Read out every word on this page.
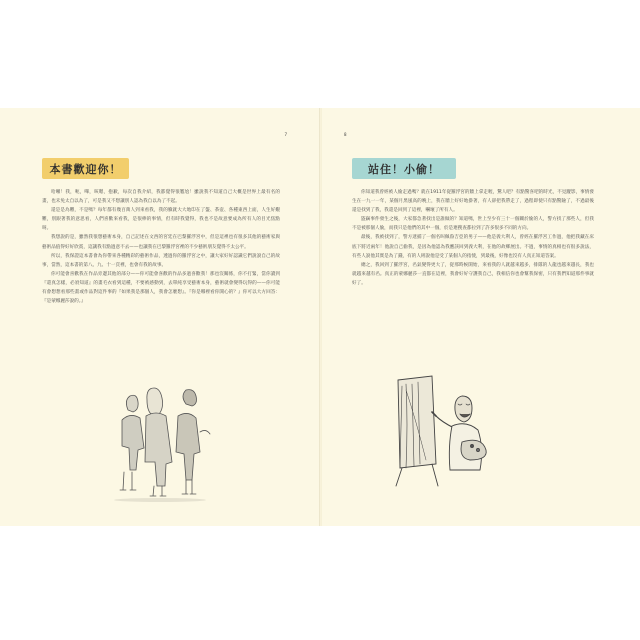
7
本書歡迎你！

哈囉！我，呃，嗶，咳嗯，抱歉，每次自我介紹，我都覺得很尷尬！雖說我不知道自己大概是世界上最有名的畫，也未免太自以為了，可是我又不想讓別人認為我自以為了不起。

還是是為難，不是嗎？每年都有幾百萬人到來看我，我的臉就大大地印在了盤、茶壺、各種東西上面，人生好艱難，別跟著我的意思看，人們喜歡來看我，是很棒的事情，但有時我覺得，我也不是故意要成為所有人的目光焦點呀。

我想說的是，雖然我很想藝術本身，自己記述在文西的宮廷在巴黎羅浮宮中，但是這裡也有很多其他的藝術家與藝術品值得好好欣賞，這讓我有點過意不去——也讓我在巴黎羅浮宮裡的不少藝術朋友覺得不太公平。

所以，我保證這本書會為你帶來各種精彩的藝術作品，透過你的羅浮宮之中，讓大家好好認識它們說說自己的故事，當然，這本書的第八、九、十一頁裡，也會有我的故事。

你可能會喜歡我在作品旁邊其他的部分——你可能會喜歡的作品多過喜歡我！那也沒關係，你不打緊，當你讀到『還真怎樣，必須知道』的畫毛衣看到這種，不要被感動到，去單純享受藝術本身，藝術就會變得玩得的——你可能有會想想看那些畫或作品對這件事的『如果我是那個人，我會怎麼想』。『你是哪裡看你開心的？』你可以大方回答：『是蒙娜麗莎說的。』

8
站住！小偷！

你知道我曾經被人偷走過嗎？就在1911年從羅浮宮的牆上拿走喔，驚人吧？有點驚喜吧的時光，不見蹤影，事情發生在一九一一年，某個月黑風高的晚上，我在牆上好好地掛著，有人卻把我帶走了，過程即使只有點驚險了，不過最後還是找到了我，我還是回到了這裡，嚇壞了所有人。

盜竊事件發生之後，大家都急著找出是誰做的？知道嗎，世上至少有三十一個關於偷的人，警方找了那些人，但我不是被那個人偷，而我只是他們的其中一個，於是連搜查都拉到了許多很多不同的方向。

最後，我被找到了，警方逮捕了一個名叫佩魯吉亞的男子——他是義大利人，曾經在羅浮宮工作過，他把我藏在床底下將近兩年！他說自己偷我，是因為他認為我應該回到義大利，在他的故鄉展出。不過，事情的真相也有很多說法，有些人說他其實是為了錢，有的人則說他是受了某個人的指使，到最後，好像也沒有人真正知道答案。

總之，我回到了羅浮宮，名氣變得更大了，從那時候開始，來看我的人就越來越多，排隊的人龍也越來越長，我也就越來越有名。真正的蒙娜麗莎一直都在這裡，我會好好守護我自己，我相信你也會幫我保密，只有我們知道那件事就好了。
